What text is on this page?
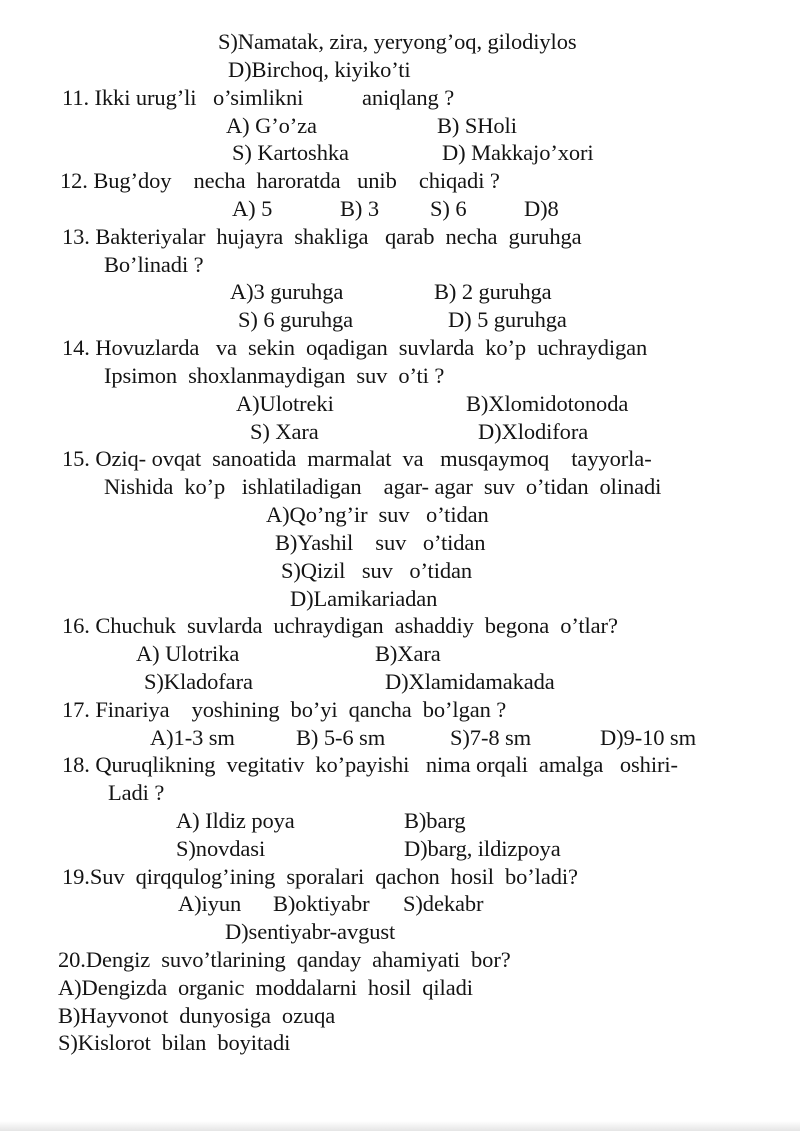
S)Namatak, zira, yeryong’oq, gilodiylos
D)Birchoq, kiyiko’ti
11. Ikki urug’li   o’simlikni	aniqlang ?
A) G’o’za	B) SHoli
S) Kartoshka	D) Makkajo’xori
12. Bug’doy    necha  haroratda   unib    chiqadi ?
A) 5	B) 3 S) 6	D)8
13. Bakteriyalar  hujayra  shakliga   qarab  necha  guruhga
Bo’linadi ?
A)3 guruhga	B) 2 guruhga
S) 6 guruhga	D) 5 guruhga
14. Hovuzlarda   va  sekin  oqadigan  suvlarda  ko’p  uchraydigan
Ipsimon  shoxlanmaydigan  suv  o’ti ?
A)Ulotreki	B)Xlomidotonoda
S) Xara	D)Xlodifora
15. Oziq- ovqat  sanoatida  marmalat  va   musqaymoq    tayyorla-
Nishida  ko’p   ishlatiladigan    agar- agar  suv  o’tidan  olinadi
A)Qo’ng’ir  suv   o’tidan
B)Yashil    suv   o’tidan
S)Qizil   suv   o’tidan
D)Lamikariadan
16. Chuchuk  suvlarda  uchraydigan  ashaddiy  begona  o’tlar?
A) Ulotrika	B)Xara
S)Kladofara	D)Xlamidamakada
17. Finariya    yoshining  bo’yi  qancha  bo’lgan ?
A)1-3 sm	B) 5-6 sm	S)7-8 sm	D)9-10 sm
18. Quruqlikning  vegitativ  ko’payishi   nima orqali  amalga   oshiri-
Ladi ?
A) Ildiz poya	B)barg
S)novdasi	D)barg, ildizpoya
19.Suv  qirqqulog’ining  sporalari  qachon  hosil  bo’ladi?
A)iyun B)oktiyabr S)dekabr
D)sentiyabr-avgust
20.Dengiz  suvo’tlarining  qanday  ahamiyati  bor?
A)Dengizda  organic  moddalarni  hosil  qiladi
B)Hayvonot  dunyosiga  ozuqa
S)Kislorot  bilan  boyitadi
